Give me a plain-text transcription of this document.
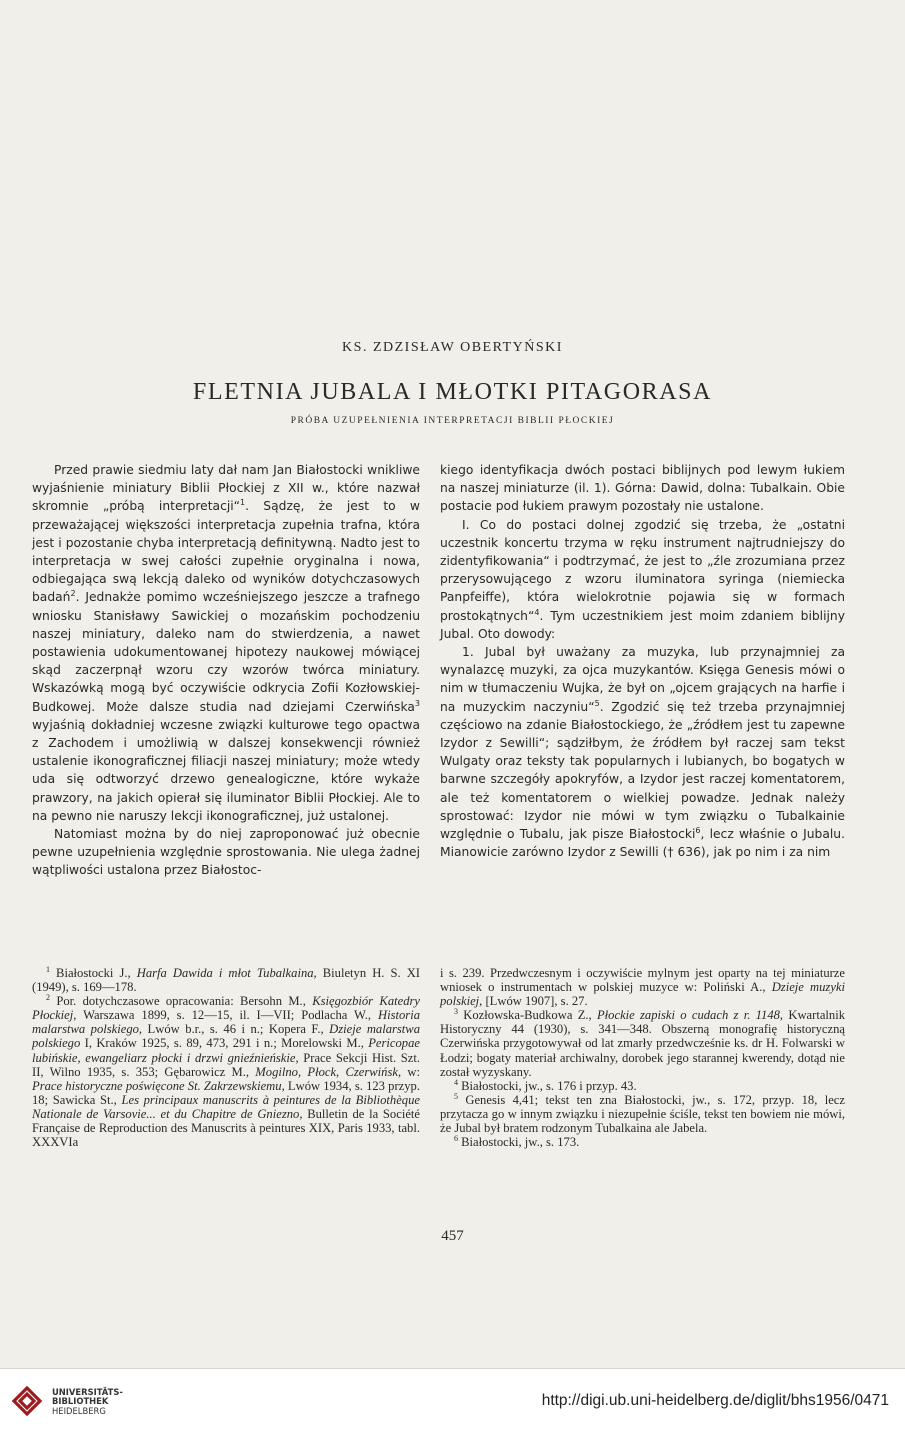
KS. ZDZISŁAW OBERTYŃSKI
FLETNIA JUBALA I MŁOTKI PITAGORASA
PRÓBA UZUPEŁNIENIA INTERPRETACJI BIBLII PŁOCKIEJ

Przed prawie siedmiu laty dał nam Jan Białostocki wnikliwe wyjaśnienie miniatury Biblii Płockiej z XII w., które nazwał skromnie „próbą interpretacji“$^1$. Sądzę, że jest to w przeważającej większości interpretacja zupełnia trafna, która jest i pozostanie chyba interpretacją definitywną. Nadto jest to interpretacja w swej całości zupełnie oryginalna i nowa, odbiegająca swą lekcją daleko od wyników dotychczasowych badań$^2$. Jednakże pomimo wcześniejszego jeszcze a trafnego wniosku Stanisławy Sawickiej o mozańskim pochodzeniu naszej miniatury, daleko nam do stwierdzenia, a nawet postawienia udokumentowanej hipotezy naukowej mówiącej skąd zaczerpnął wzoru czy wzorów twórca miniatury. Wskazówką mogą być oczywiście odkrycia Zofii Kozłowskiej-Budkowej. Może dalsze studia nad dziejami Czerwińska$^3$ wyjaśnią dokładniej wczesne związki kulturowe tego opactwa z Zachodem i umożliwią w dalszej konsekwencji również ustalenie ikonograficznej filiacji naszej miniatury; może wtedy uda się odtworzyć drzewo genealogiczne, które wykaże prawzory, na jakich opierał się iluminator Biblii Płockiej. Ale to na pewno nie naruszy lekcji ikonograficznej, już ustalonej.

Natomiast można by do niej zaproponować już obecnie pewne uzupełnienia względnie sprostowania. Nie ulega żadnej wątpliwości ustalona przez Białostoc-

kiego identyfikacja dwóch postaci biblijnych pod lewym łukiem na naszej miniaturze (il. 1). Górna: Dawid, dolna: Tubalkain. Obie postacie pod łukiem prawym pozostały nie ustalone.

I. Co do postaci dolnej zgodzić się trzeba, że „ostatni uczestnik koncertu trzyma w ręku instrument najtrudniejszy do zidentyfikowania“ i podtrzymać, że jest to „źle zrozumiana przez przerysowującego z wzoru iluminatora syringa (niemiecka Panpfeiffe), która wielokrotnie pojawia się w formach prostokątnych“$^4$. Tym uczestnikiem jest moim zdaniem biblijny Jubal. Oto dowody:

1. Jubal był uważany za muzyka, lub przynajmniej za wynalazcę muzyki, za ojca muzykantów. Księga Genesis mówi o nim w tłumaczeniu Wujka, że był on „ojcem grających na harfie i na muzyckim naczyniu“$^5$. Zgodzić się też trzeba przynajmniej częściowo na zdanie Białostockiego, że „źródłem jest tu zapewne Izydor z Sewilli“; sądziłbym, że źródłem był raczej sam tekst Wulgaty oraz teksty tak popularnych i lubianych, bo bogatych w barwne szczegóły apokryfów, a Izydor jest raczej komentatorem, ale też komentatorem o wielkiej powadze. Jednak należy sprostować: Izydor nie mówi w tym związku o Tubalkainie względnie o Tubalu, jak pisze Białostocki$^6$, lecz właśnie o Jubalu. Mianowicie zarówno Izydor z Sewilli († 636), jak po nim i za nim

$^1$ Białostocki J., Harfa Dawida i młot Tubalkaina, Biuletyn H. S. XI (1949), s. 169—178.

$^2$ Por. dotychczasowe opracowania: Bersohn M., Księgozbiór Katedry Płockiej, Warszawa 1899, s. 12—15, il. I—VII; Podlacha W., Historia malarstwa polskiego, Lwów b.r., s. 46 i n.; Kopera F., Dzieje malarstwa polskiego I, Kraków 1925, s. 89, 473, 291 i n.; Morelowski M., Pericopae lubińskie, ewangeliarz płocki i drzwi gnieźnieńskie, Prace Sekcji Hist. Szt. II, Wilno 1935, s. 353; Gębarowicz M., Mogilno, Płock, Czerwińsk, w: Prace historyczne poświęcone St. Zakrzewskiemu, Lwów 1934, s. 123 przyp. 18; Sawicka St., Les principaux manuscrits à peintures de la Bibliothèque Nationale de Varsovie... et du Chapitre de Gniezno, Bulletin de la Société Française de Reproduction des Manuscrits à peintures XIX, Paris 1933, tabl. XXXVIa

i s. 239. Przedwczesnym i oczywiście mylnym jest oparty na tej miniaturze wniosek o instrumentach w polskiej muzyce w: Poliński A., Dzieje muzyki polskiej, [Lwów 1907], s. 27.

$^3$ Kozłowska-Budkowa Z., Płockie zapiski o cudach z r. 1148, Kwartalnik Historyczny 44 (1930), s. 341—348. Obszerną monografię historyczną Czerwińska przygotowywał od lat zmarły przedwcześnie ks. dr H. Folwarski w Łodzi; bogaty materiał archiwalny, dorobek jego starannej kwerendy, dotąd nie został wyzyskany.

$^4$ Białostocki, jw., s. 176 i przyp. 43.

$^5$ Genesis 4,41; tekst ten zna Białostocki, jw., s. 172, przyp. 18, lecz przytacza go w innym związku i niezupełnie ściśle, tekst ten bowiem nie mówi, że Jubal był bratem rodzonym Tubalkaina ale Jabela.

$^6$ Białostocki, jw., s. 173.

457
UNIVERSITÄTS-
BIBLIOTHEK
HEIDELBERG
http://digi.ub.uni-heidelberg.de/diglit/bhs1956/0471
